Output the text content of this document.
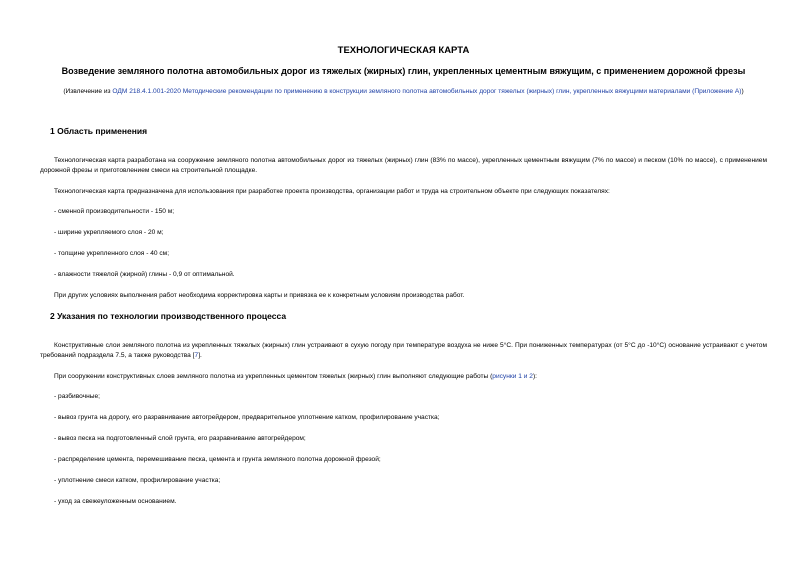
ТЕХНОЛОГИЧЕСКАЯ КАРТА
Возведение земляного полотна автомобильных дорог из тяжелых (жирных) глин, укрепленных цементным вяжущим, с применением дорожной фрезы
(Извлечение из ОДМ 218.4.1.001-2020 Методические рекомендации по применению в конструкции земляного полотна автомобильных дорог тяжелых (жирных) глин, укрепленных вяжущими материалами (Приложение А))
1 Область применения
Технологическая карта разработана на сооружение земляного полотна автомобильных дорог из тяжелых (жирных) глин (83% по массе), укрепленных цементным вяжущим (7% по массе) и песком (10% по массе), с применением дорожной фрезы и приготовлением смеси на строительной площадке.
Технологическая карта предназначена для использования при разработке проекта производства, организации работ и труда на строительном объекте при следующих показателях:
- сменной производительности - 150 м;
- ширине укрепляемого слоя - 20 м;
- толщине укрепленного слоя - 40 см;
- влажности тяжелой (жирной) глины - 0,9 от оптимальной.
При других условиях выполнения работ необходима корректировка карты и привязка ее к конкретным условиям производства работ.
2 Указания по технологии производственного процесса
Конструктивные слои земляного полотна из укрепленных тяжелых (жирных) глин устраивают в сухую погоду при температуре воздуха не ниже 5°С. При пониженных температурах (от 5°С до -10°С) основание устраивают с учетом требований подраздела 7.5, а также руководства [7].
При сооружении конструктивных слоев земляного полотна из укрепленных цементом тяжелых (жирных) глин выполняют следующие работы (рисунки 1 и 2):
- разбивочные;
- вывоз грунта на дорогу, его разравнивание автогрейдером, предварительное уплотнение катком, профилирование участка;
- вывоз песка на подготовленный слой грунта, его разравнивание автогрейдером;
- распределение цемента, перемешивание песка, цемента и грунта земляного полотна дорожной фрезой;
- уплотнение смеси катком, профилирование участка;
- уход за свежеуложенным основанием.
